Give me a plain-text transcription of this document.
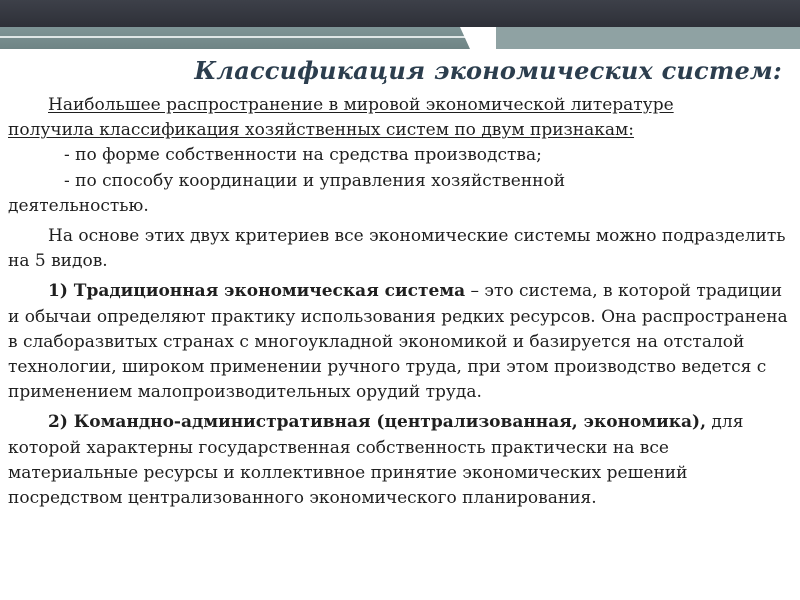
Классификация экономических систем:

Наибольшее распространение в мировой экономической литературе

получила классификация хозяйственных систем по двум признакам:

- по форме собственности на средства производства;

- по способу координации и управления хозяйственной

деятельностью.

На основе этих двух критериев все экономические системы можно подразделить на 5 видов.

1) Традиционная экономическая система – это система, в которой традиции и обычаи определяют практику использования редких ресурсов. Она распространена в слаборазвитых странах с многоукладной экономикой и базируется на отсталой технологии, широком применении ручного труда, при этом производство ведется с применением малопроизводительных орудий труда.

2) Командно-административная (централизованная, экономика), для которой характерны государственная собственность практически на все материальные ресурсы и коллективное принятие экономических решений посредством централизованного экономического планирования.
